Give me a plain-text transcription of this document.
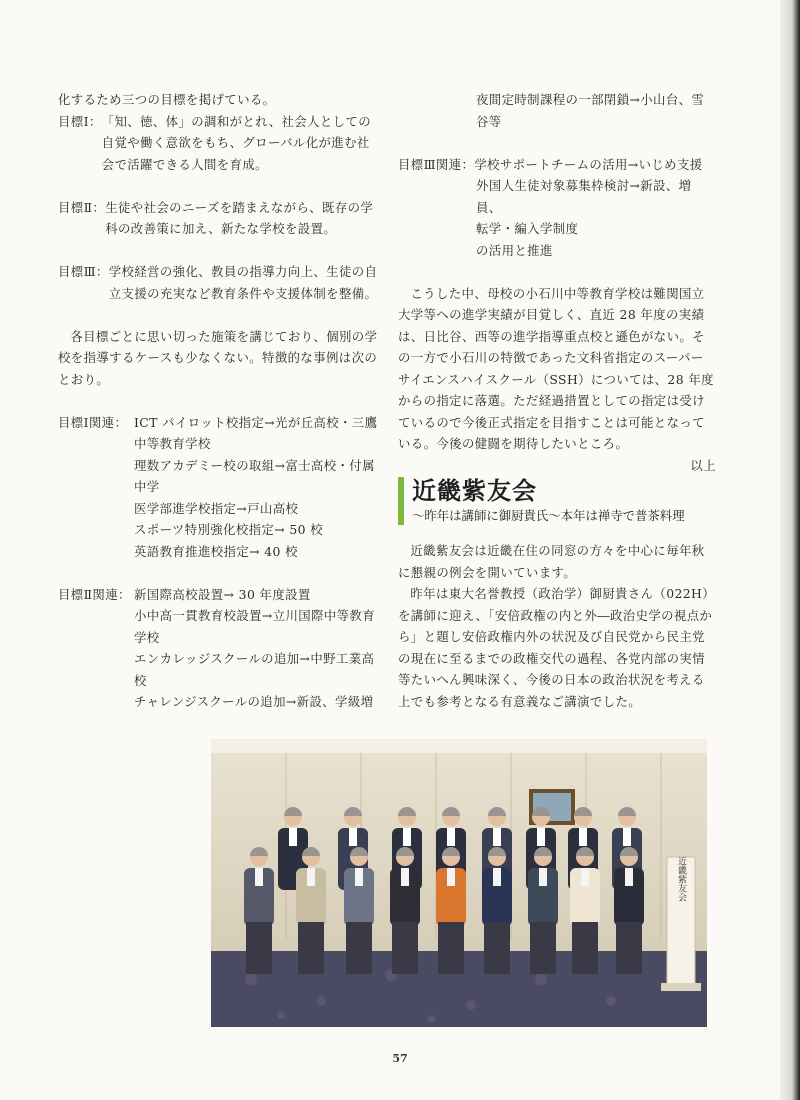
化するため三つの目標を掲げている。

目標Ⅰ： 「知、徳、体」の調和がとれ、社会人としての自覚や働く意欲をもち、グローバル化が進む社会で活躍できる人間を育成。
目標Ⅱ： 生徒や社会のニーズを踏まえながら、既存の学科の改善策に加え、新たな学校を設置。
目標Ⅲ： 学校経営の強化、教員の指導力向上、生徒の自立支援の充実など教育条件や支援体制を整備。

各目標ごとに思い切った施策を講じており、個別の学校を指導するケースも少なくない。特徴的な事例は次のとおり。

目標Ⅰ関連： ICT パイロット校指定→光が丘高校・三鷹中等教育学校
理数アカデミー校の取組→富士高校・付属中学
医学部進学校指定→戸山高校
スポーツ特別強化校指定→ 50 校
英語教育推進校指定→ 40 校
目標Ⅱ関連： 新国際高校設置→ 30 年度設置
小中高一貫教育校設置→立川国際中等教育学校
エンカレッジスクールの追加→中野工業高校
チャレンジスクールの追加→新設、学級増
夜間定時制課程の一部閉鎖→小山台、雪谷等
目標Ⅲ関連： 学校サポートチームの活用→いじめ支援
外国人生徒対象募集枠検討→新設、増員、
転学・編入学制度
の活用と推進

こうした中、母校の小石川中等教育学校は難関国立大学等への進学実績が目覚しく、直近 28 年度の実績は、日比谷、西等の進学指導重点校と遜色がない。その一方で小石川の特徴であった文科省指定のスーパーサイエンスハイスクール（SSH）については、28 年度からの指定に落選。ただ経過措置としての指定は受けているので今後正式指定を目指すことは可能となっている。今後の健闘を期待したいところ。

以上
近畿紫友会
～昨年は講師に御厨貴氏～本年は禅寺で普茶料理

近畿紫友会は近畿在住の同窓の方々を中心に毎年秋に懇親の例会を開いています。

昨年は東大名誉教授（政治学）御厨貴さん（022H）を講師に迎え、「安倍政権の内と外―政治史学の視点から」と題し安倍政権内外の状況及び自民党から民主党の現在に至るまでの政権交代の過程、各党内部の実情等たいへん興味深く、今後の日本の政治状況を考える上でも参考となる有意義なご講演でした。

近畿紫友会
57
